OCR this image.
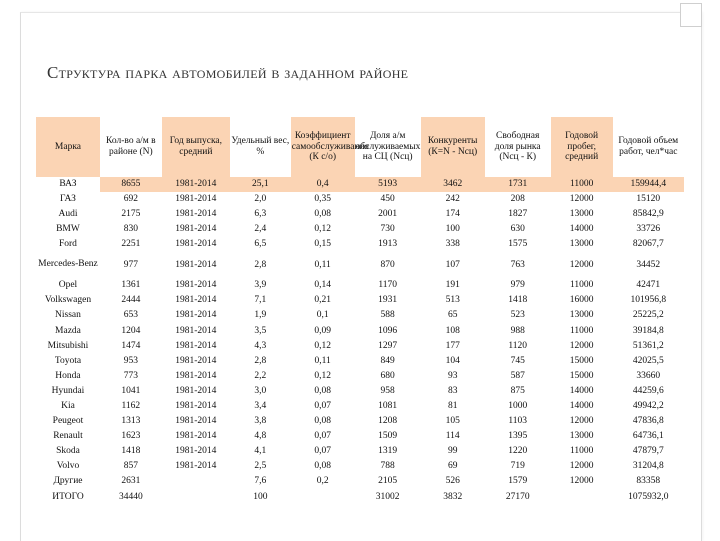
Структура парка автомобилей в заданном районе
Марка	Кол-во а/м в районе (N)	Год выпуска, средний	Удельный вес, %	Коэффициент самообслуживания (К с/о)	Доля а/м обслуживаемых на СЦ (Nсц)	Конкуренты (К=N - Nсц)	Свободная доля рынка (Nсц - К)	Годовой пробег, средний	Годовой объем работ, чел*час
ВАЗ	8655	1981-2014	25,1	0,4	5193	3462	1731	11000	159944,4
ГАЗ	692	1981-2014	2,0	0,35	450	242	208	12000	15120
Audi	2175	1981-2014	6,3	0,08	2001	174	1827	13000	85842,9
BMW	830	1981-2014	2,4	0,12	730	100	630	14000	33726
Ford	2251	1981-2014	6,5	0,15	1913	338	1575	13000	82067,7
Mercedes-Benz	977	1981-2014	2,8	0,11	870	107	763	12000	34452
Opel	1361	1981-2014	3,9	0,14	1170	191	979	11000	42471
Volkswagen	2444	1981-2014	7,1	0,21	1931	513	1418	16000	101956,8
Nissan	653	1981-2014	1,9	0,1	588	65	523	13000	25225,2
Mazda	1204	1981-2014	3,5	0,09	1096	108	988	11000	39184,8
Mitsubishi	1474	1981-2014	4,3	0,12	1297	177	1120	12000	51361,2
Toyota	953	1981-2014	2,8	0,11	849	104	745	15000	42025,5
Honda	773	1981-2014	2,2	0,12	680	93	587	15000	33660
Hyundai	1041	1981-2014	3,0	0,08	958	83	875	14000	44259,6
Kia	1162	1981-2014	3,4	0,07	1081	81	1000	14000	49942,2
Peugeot	1313	1981-2014	3,8	0,08	1208	105	1103	12000	47836,8
Renault	1623	1981-2014	4,8	0,07	1509	114	1395	13000	64736,1
Skoda	1418	1981-2014	4,1	0,07	1319	99	1220	11000	47879,7
Volvo	857	1981-2014	2,5	0,08	788	69	719	12000	31204,8
Другие	2631		7,6	0,2	2105	526	1579	12000	83358
ИТОГО	34440		100		31002	3832	27170		1075932,0
